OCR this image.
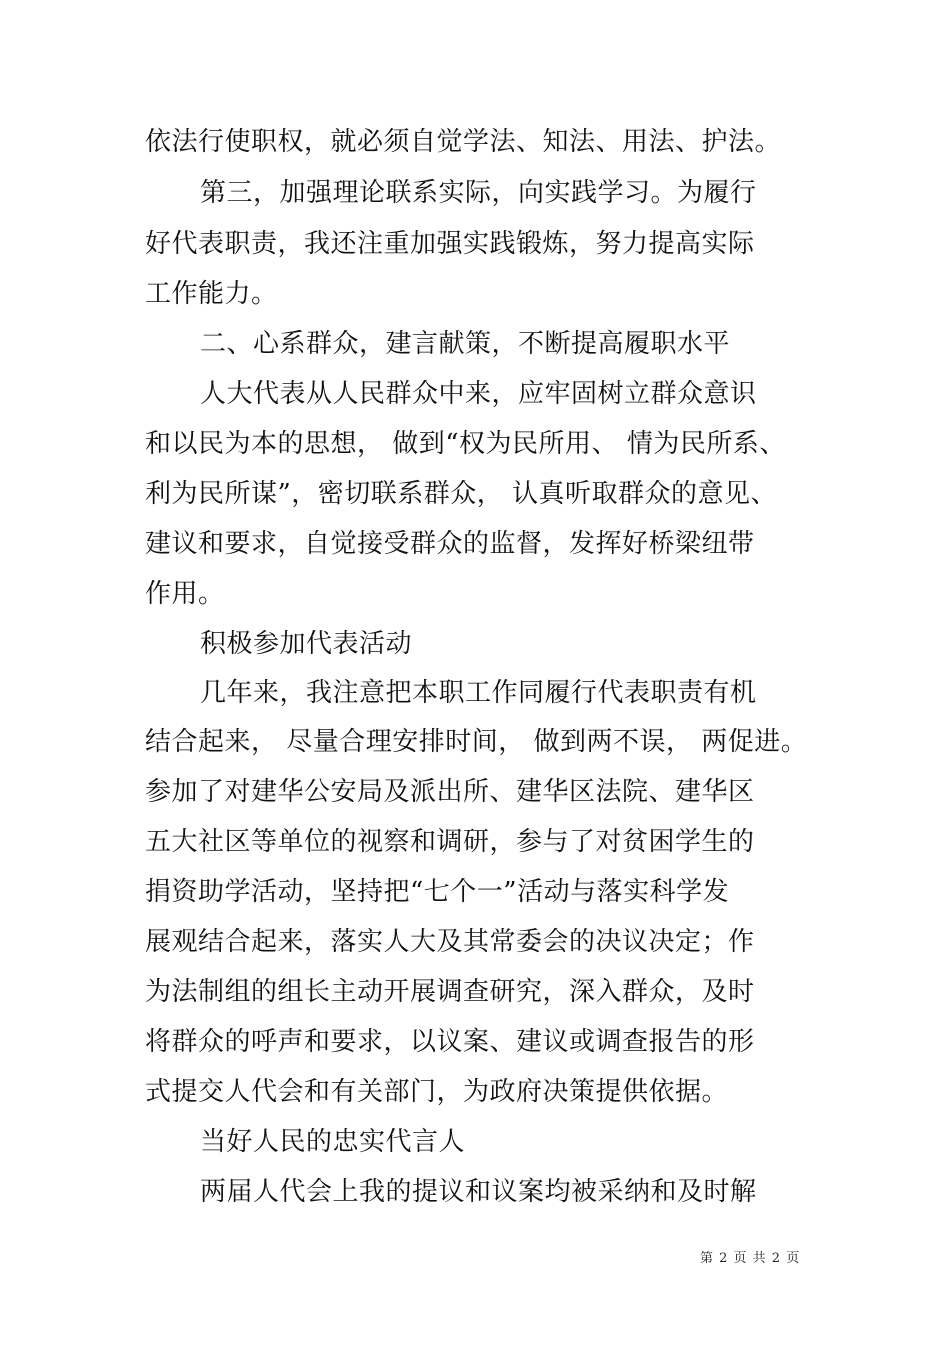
依法行使职权，就必须自觉学法、知法、用法、护法。
第三，加强理论联系实际，向实践学习。为履行
好代表职责，我还注重加强实践锻炼，努力提高实际
工作能力。
二、心系群众，建言献策，不断提高履职水平
人大代表从人民群众中来，应牢固树立群众意识
和以民为本的思想， 做到“权为民所用、 情为民所系、
利为民所谋”，密切联系群众， 认真听取群众的意见、
建议和要求，自觉接受群众的监督，发挥好桥梁纽带
作用。
积极参加代表活动
几年来，我注意把本职工作同履行代表职责有机
结合起来， 尽量合理安排时间， 做到两不误， 两促进。
参加了对建华公安局及派出所、建华区法院、建华区
五大社区等单位的视察和调研，参与了对贫困学生的
捐资助学活动，坚持把“七个一”活动与落实科学发
展观结合起来，落实人大及其常委会的决议决定；作
为法制组的组长主动开展调查研究，深入群众，及时
将群众的呼声和要求，以议案、建议或调查报告的形
式提交人代会和有关部门，为政府决策提供依据。
当好人民的忠实代言人
两届人代会上我的提议和议案均被采纳和及时解
第 2 页 共 2 页
